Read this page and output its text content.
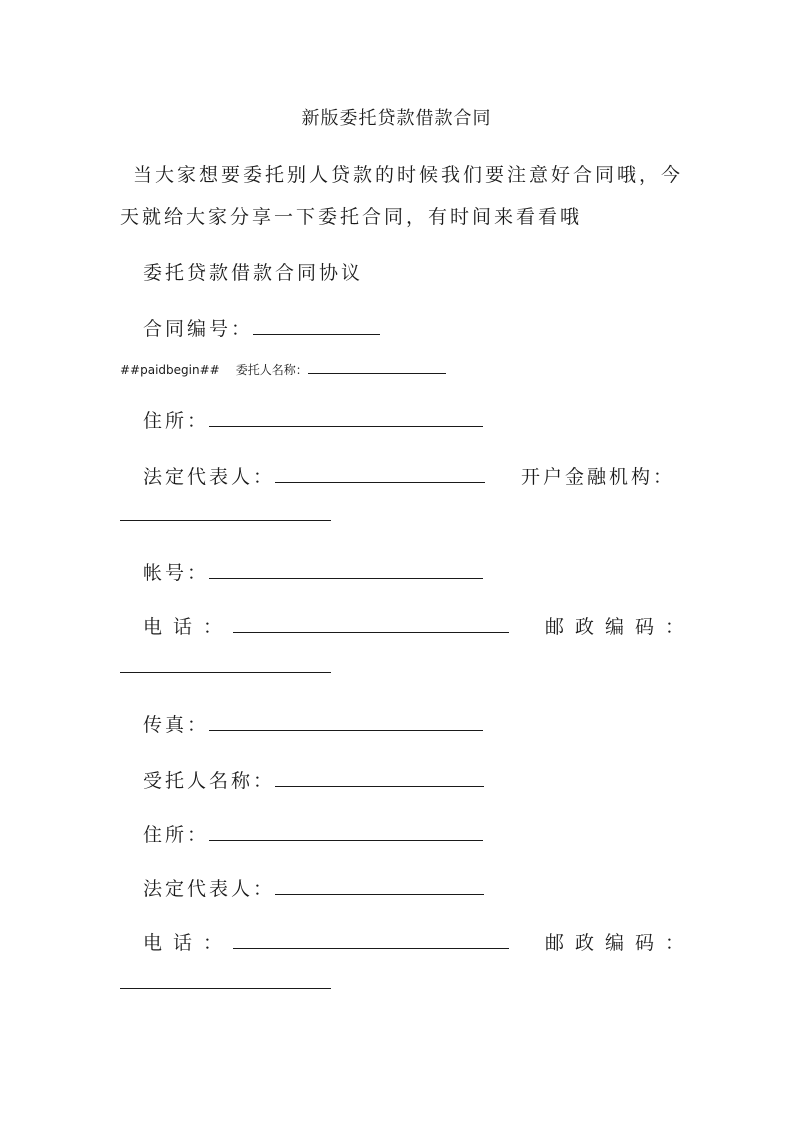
新版委托贷款借款合同
当大家想要委托别人贷款的时候我们要注意好合同哦，今
天就给大家分享一下委托合同，有时间来看看哦
委托贷款借款合同协议
合同编号：
##paidbegin## 委托人名称：
住所：
法定代表人：	开户金融机构：
帐号：
电话：	邮政编码：
传真：
受托人名称：
住所：
法定代表人：
电话：	邮政编码：
